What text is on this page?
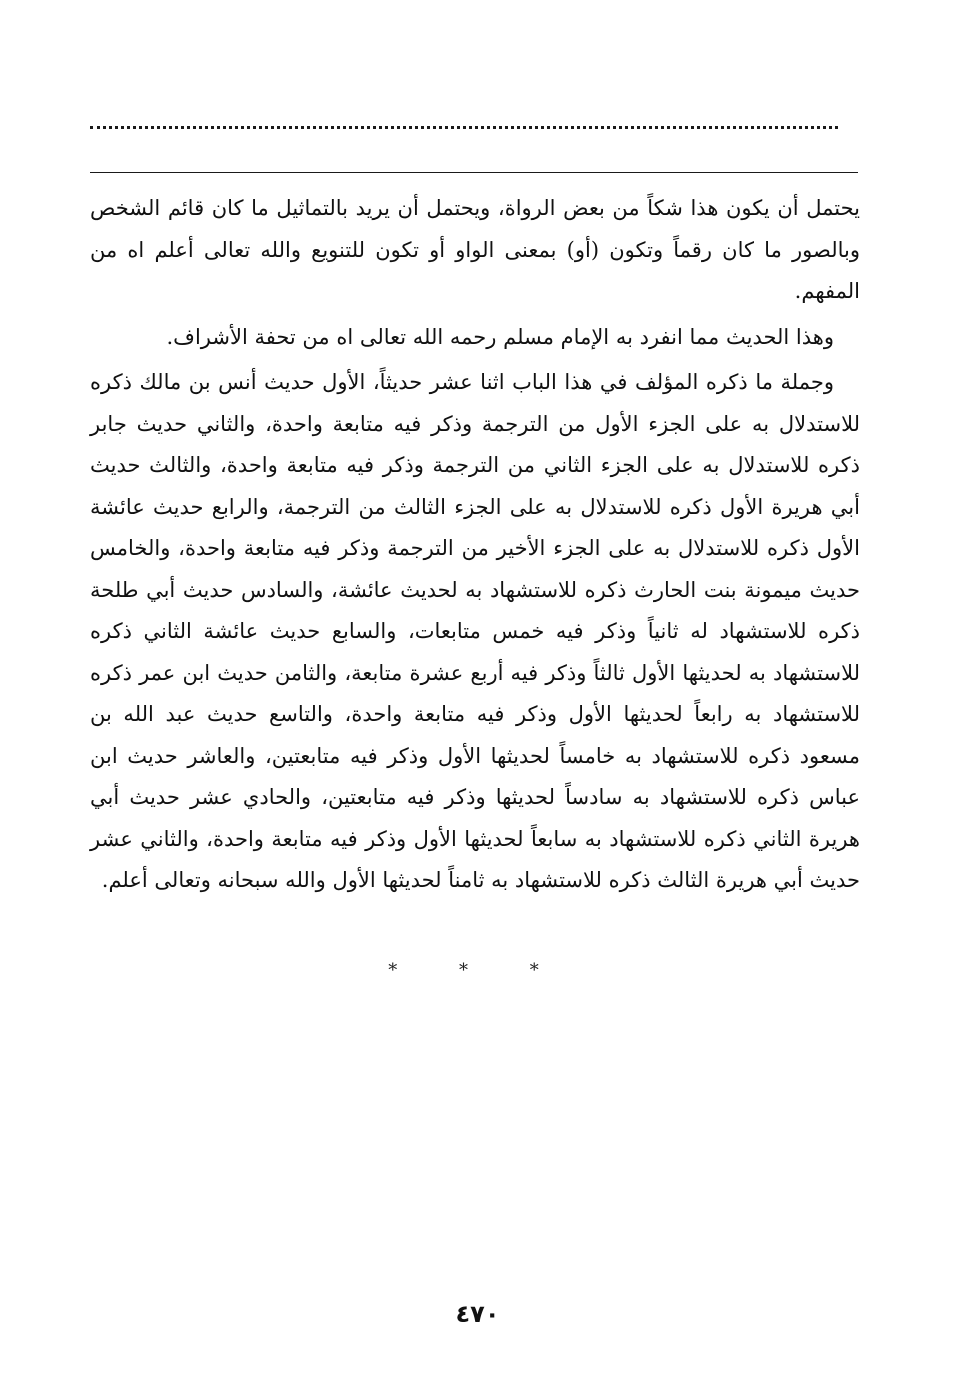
يحتمل أن يكون هذا شكاً من بعض الرواة، ويحتمل أن يريد بالتماثيل ما كان قائم الشخص وبالصور ما كان رقماً وتكون (أو) بمعنى الواو أو تكون للتنويع والله تعالى أعلم اه من المفهم.

وهذا الحديث مما انفرد به الإمام مسلم رحمه الله تعالى اه من تحفة الأشراف.

وجملة ما ذكره المؤلف في هذا الباب اثنا عشر حديثاً، الأول حديث أنس بن مالك ذكره للاستدلال به على الجزء الأول من الترجمة وذكر فيه متابعة واحدة، والثاني حديث جابر ذكره للاستدلال به على الجزء الثاني من الترجمة وذكر فيه متابعة واحدة، والثالث حديث أبي هريرة الأول ذكره للاستدلال به على الجزء الثالث من الترجمة، والرابع حديث عائشة الأول ذكره للاستدلال به على الجزء الأخير من الترجمة وذكر فيه متابعة واحدة، والخامس حديث ميمونة بنت الحارث ذكره للاستشهاد به لحديث عائشة، والسادس حديث أبي طلحة ذكره للاستشهاد له ثانياً وذكر فيه خمس متابعات، والسابع حديث عائشة الثاني ذكره للاستشهاد به لحديثها الأول ثالثاً وذكر فيه أربع عشرة متابعة، والثامن حديث ابن عمر ذكره للاستشهاد به رابعاً لحديثها الأول وذكر فيه متابعة واحدة، والتاسع حديث عبد الله بن مسعود ذكره للاستشهاد به خامساً لحديثها الأول وذكر فيه متابعتين، والعاشر حديث ابن عباس ذكره للاستشهاد به سادساً لحديثها وذكر فيه متابعتين، والحادي عشر حديث أبي هريرة الثاني ذكره للاستشهاد به سابعاً لحديثها الأول وذكر فيه متابعة واحدة، والثاني عشر حديث أبي هريرة الثالث ذكره للاستشهاد به ثامناً لحديثها الأول والله سبحانه وتعالى أعلم.

* * *
٤٧٠
